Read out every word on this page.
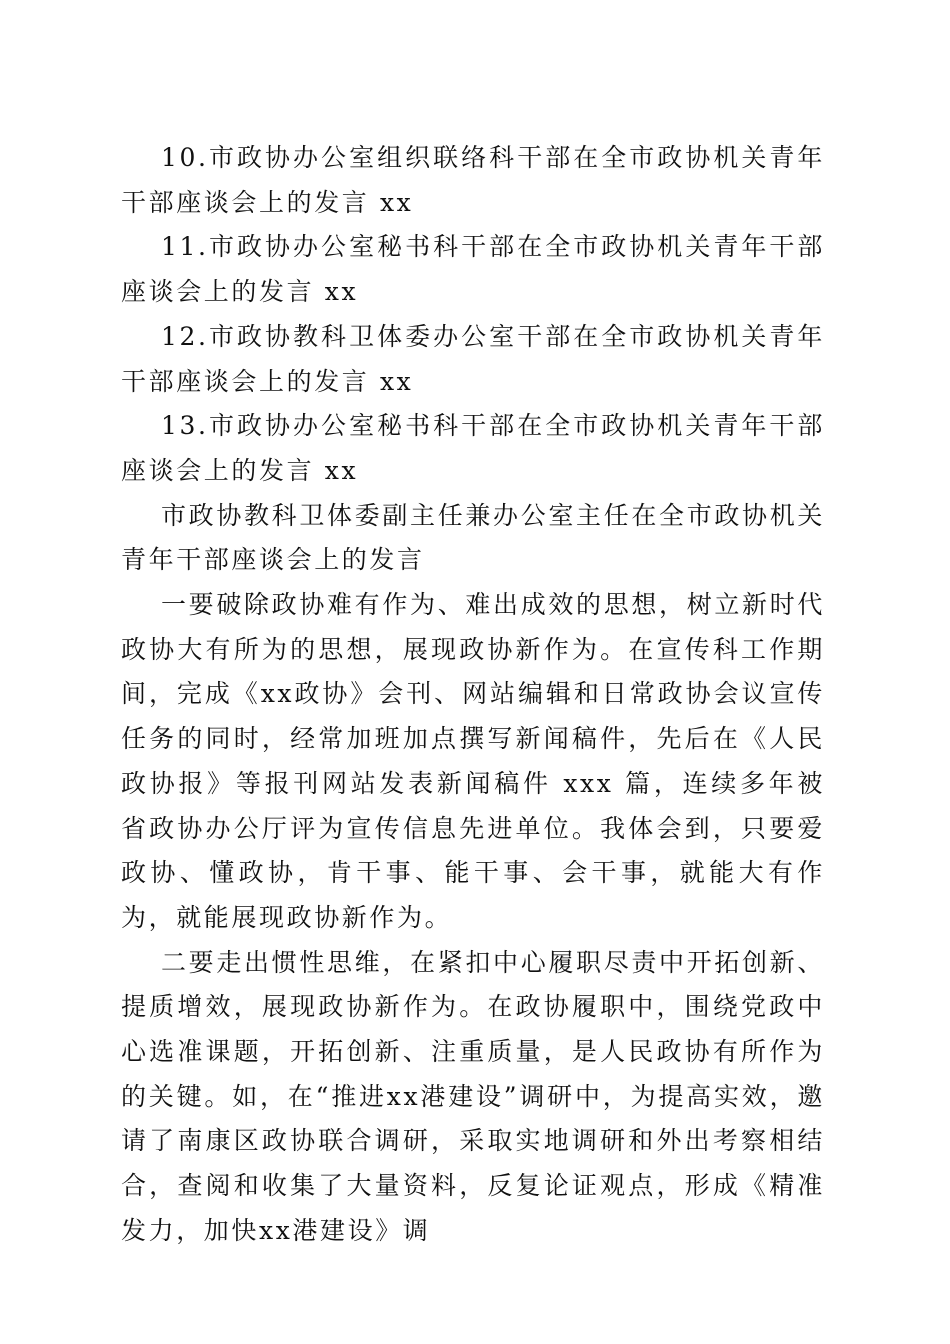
10.市政协办公室组织联络科干部在全市政协机关青年干部座谈会上的发言 xx

11.市政协办公室秘书科干部在全市政协机关青年干部座谈会上的发言 xx

12.市政协教科卫体委办公室干部在全市政协机关青年干部座谈会上的发言 xx

13.市政协办公室秘书科干部在全市政协机关青年干部座谈会上的发言 xx

市政协教科卫体委副主任兼办公室主任在全市政协机关青年干部座谈会上的发言

一要破除政协难有作为、难出成效的思想，树立新时代政协大有所为的思想，展现政协新作为。在宣传科工作期间，完成《xx政协》会刊、网站编辑和日常政协会议宣传任务的同时，经常加班加点撰写新闻稿件，先后在《人民政协报》等报刊网站发表新闻稿件 xxx 篇，连续多年被省政协办公厅评为宣传信息先进单位。我体会到，只要爱政协、懂政协，肯干事、能干事、会干事，就能大有作为，就能展现政协新作为。

二要走出惯性思维，在紧扣中心履职尽责中开拓创新、提质增效，展现政协新作为。在政协履职中，围绕党政中心选准课题，开拓创新、注重质量，是人民政协有所作为的关键。如，在“推进xx港建设”调研中，为提高实效，邀请了南康区政协联合调研，采取实地调研和外出考察相结合，查阅和收集了大量资料，反复论证观点，形成《精准发力，加快xx港建设》调
